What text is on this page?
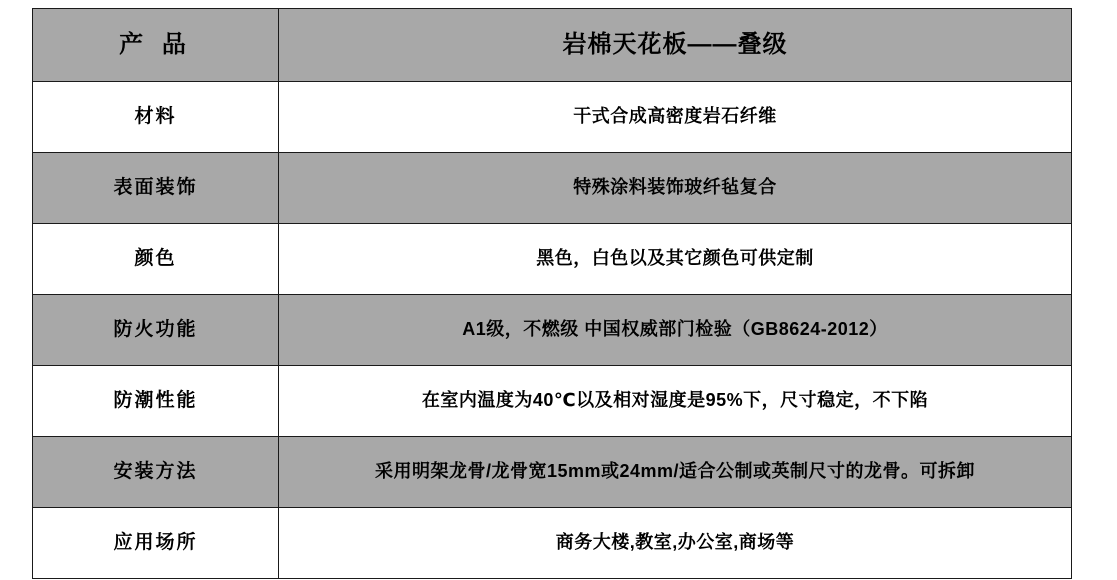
产 品	岩棉天花板——叠级
材料	干式合成高密度岩石纤维
表面装饰	特殊涂料装饰玻纤毡复合
颜色	黑色，白色以及其它颜色可供定制
防火功能	A1级，不燃级 中国权威部门检验（GB8624-2012）
防潮性能	在室内温度为40℃以及相对湿度是95%下，尺寸稳定，不下陷
安装方法	采用明架龙骨/龙骨宽15mm或24mm/适合公制或英制尺寸的龙骨。可拆卸
应用场所	商务大楼,教室,办公室,商场等
